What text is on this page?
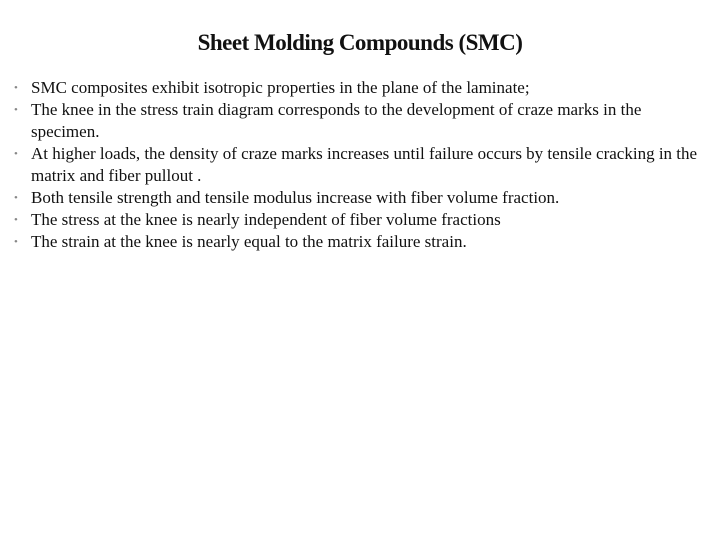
Sheet Molding Compounds (SMC)
• SMC composites exhibit isotropic properties in the plane of the laminate;
• The knee in the stress train diagram corresponds to the development of craze marks in the specimen.
• At higher loads, the density of craze marks increases until failure occurs by tensile cracking in the matrix and fiber pullout .
• Both tensile strength and tensile modulus increase with fiber volume fraction.
• The stress at the knee is nearly independent of fiber volume fractions
• The strain at the knee is nearly equal to the matrix failure strain.
